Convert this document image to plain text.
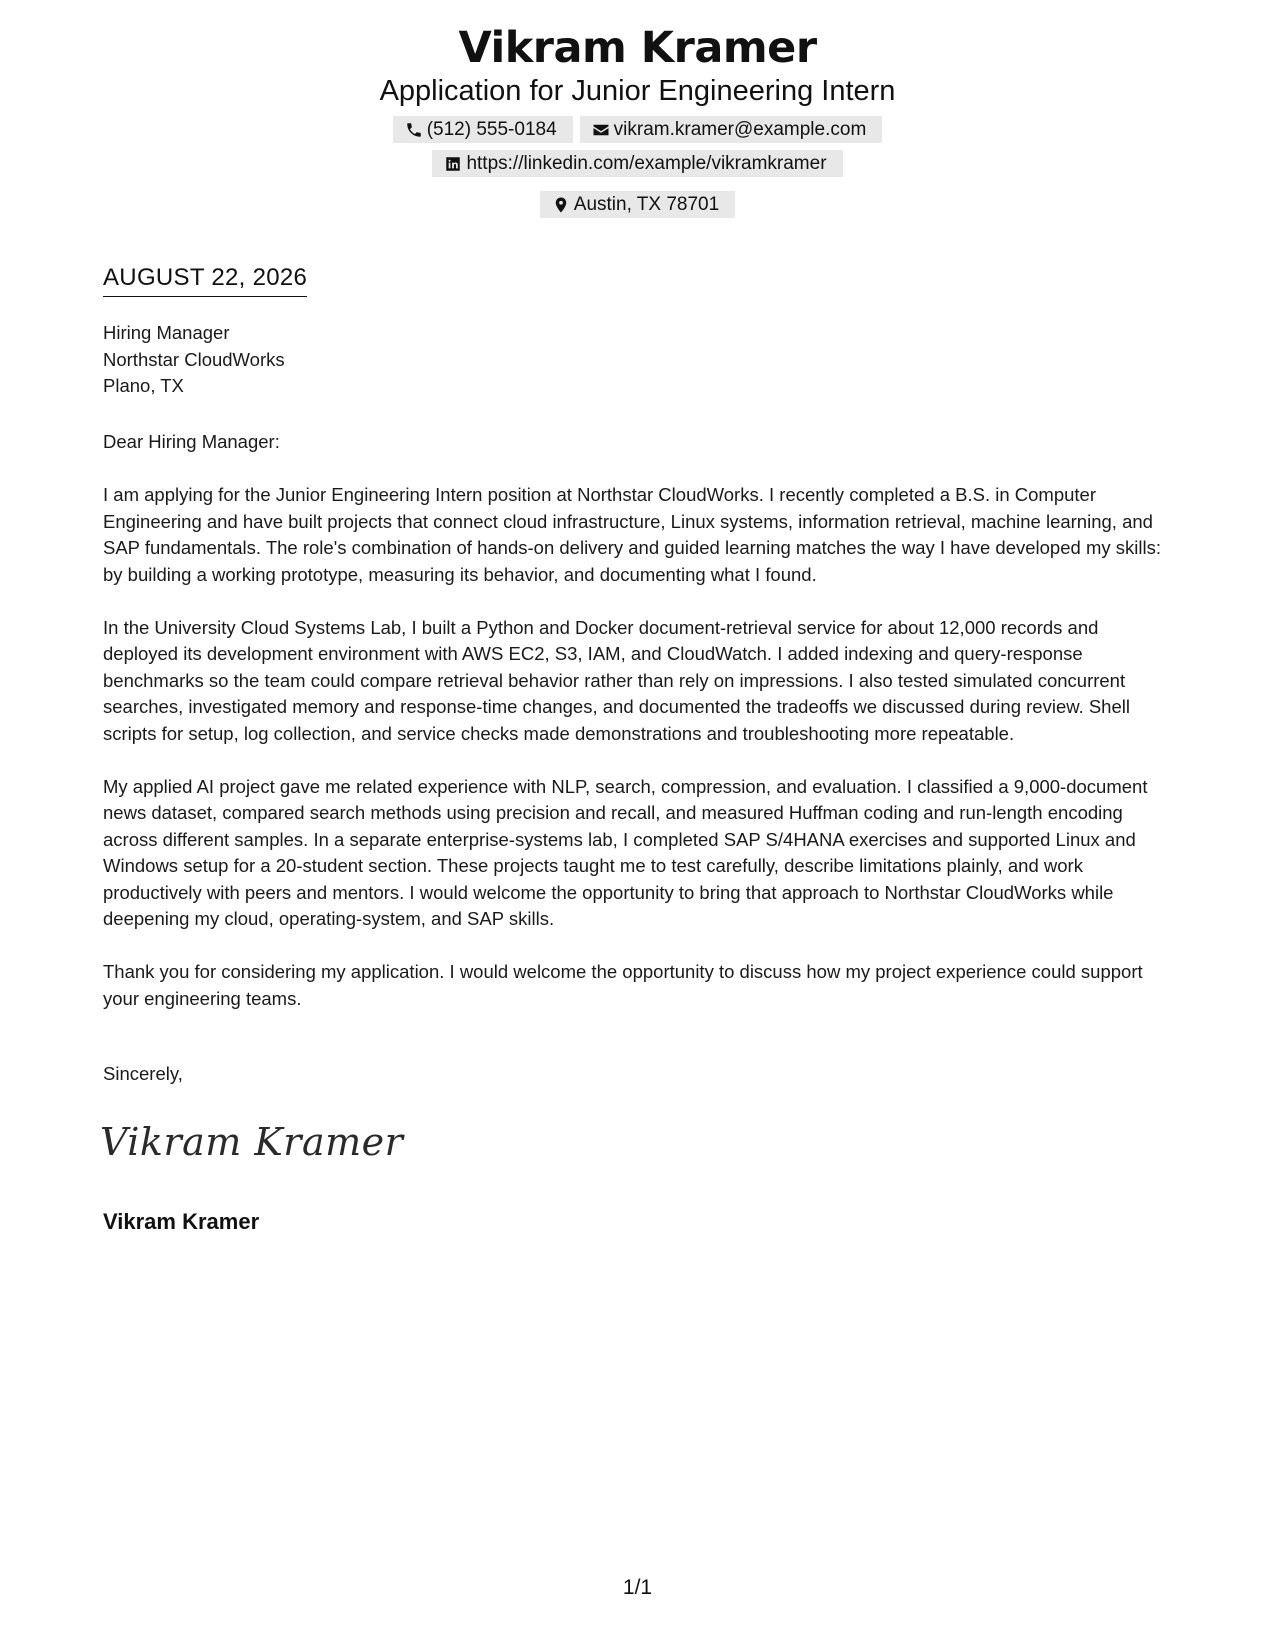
Vikram Kramer
Application for Junior Engineering Intern
(512) 555-0184	vikram.kramer@example.com
https://linkedin.com/example/vikramkramer
Austin, TX 78701
AUGUST 22, 2026
Hiring Manager
Northstar CloudWorks
Plano, TX

Dear Hiring Manager:

I am applying for the Junior Engineering Intern position at Northstar CloudWorks. I recently completed a B.S. in Computer Engineering and have built projects that connect cloud infrastructure, Linux systems, information retrieval, machine learning, and SAP fundamentals. The role's combination of hands-on delivery and guided learning matches the way I have developed my skills: by building a working prototype, measuring its behavior, and documenting what I found.

In the University Cloud Systems Lab, I built a Python and Docker document-retrieval service for about 12,000 records and deployed its development environment with AWS EC2, S3, IAM, and CloudWatch. I added indexing and query-response benchmarks so the team could compare retrieval behavior rather than rely on impressions. I also tested simulated concurrent searches, investigated memory and response-time changes, and documented the tradeoffs we discussed during review. Shell scripts for setup, log collection, and service checks made demonstrations and troubleshooting more repeatable.

My applied AI project gave me related experience with NLP, search, compression, and evaluation. I classified a 9,000-document news dataset, compared search methods using precision and recall, and measured Huffman coding and run-length encoding across different samples. In a separate enterprise-systems lab, I completed SAP S/4HANA exercises and supported Linux and Windows setup for a 20-student section. These projects taught me to test carefully, describe limitations plainly, and work productively with peers and mentors. I would welcome the opportunity to bring that approach to Northstar CloudWorks while deepening my cloud, operating-system, and SAP skills.

Thank you for considering my application. I would welcome the opportunity to discuss how my project experience could support your engineering teams.

Sincerely,
Vikram Kramer
Vikram Kramer
1/1
